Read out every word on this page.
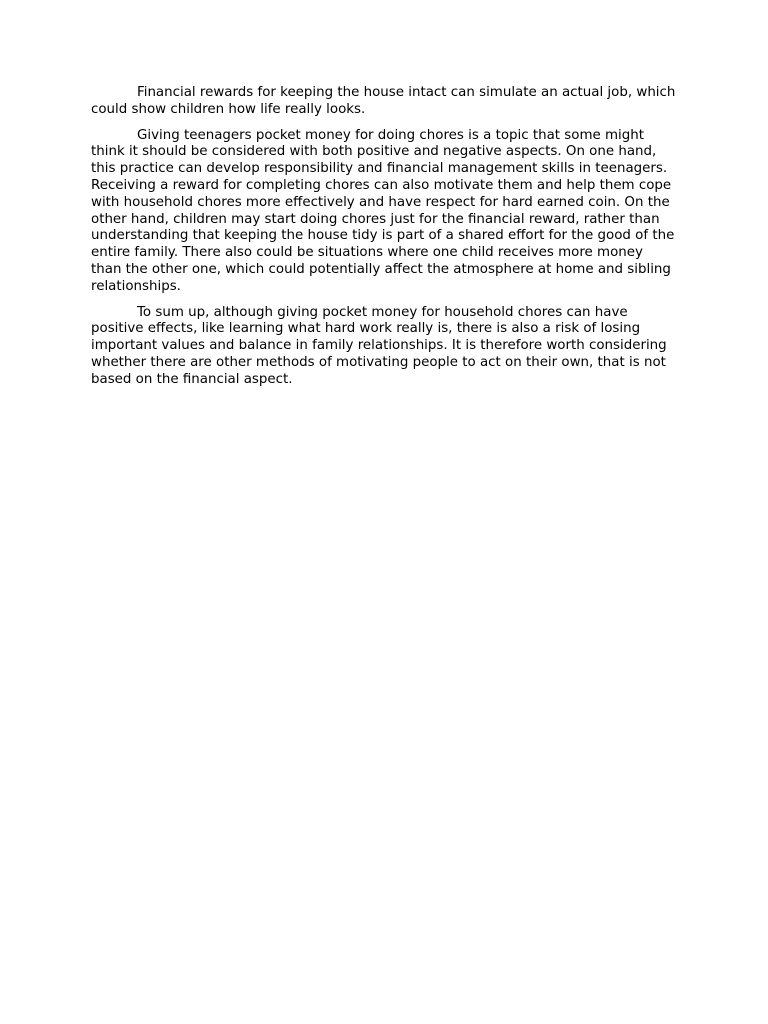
Financial rewards for keeping the house intact can simulate an actual job, which could show children how life really looks.

Giving teenagers pocket money for doing chores is a topic that some might think it should be considered with both positive and negative aspects. On one hand, this practice can develop responsibility and financial management skills in teenagers. Receiving a reward for completing chores can also motivate them and help them cope with household chores more effectively and have respect for hard earned coin. On the other hand, children may start doing chores just for the financial reward, rather than understanding that keeping the house tidy is part of a shared effort for the good of the entire family. There also could be situations where one child receives more money than the other one, which could potentially affect the atmosphere at home and sibling relationships.

To sum up, although giving pocket money for household chores can have positive effects, like learning what hard work really is, there is also a risk of losing important values and balance in family relationships. It is therefore worth considering whether there are other methods of motivating people to act on their own, that is not based on the financial aspect.
